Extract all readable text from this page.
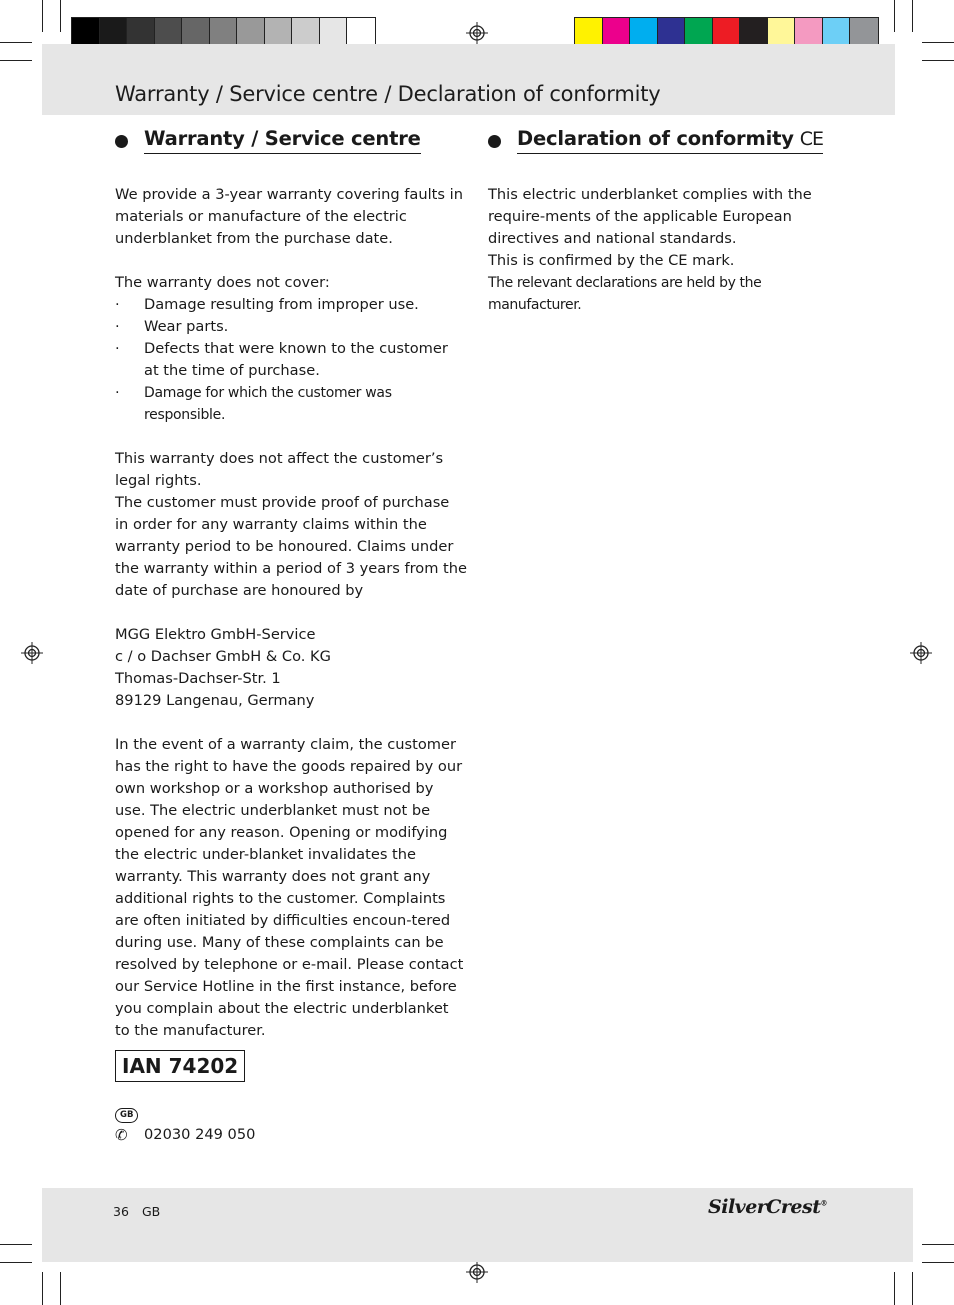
Warranty / Service centre / Declaration of conformity
Warranty / Service centre

We provide a 3-year warranty covering faults in materials or manufacture of the electric underblanket from the purchase date.

The warranty does not cover:

·	Damage resulting from improper use.
·	Wear parts.
·	Defects that were known to the customer at the time of purchase.
·	Damage for which the customer was responsible.

This warranty does not affect the customer’s legal rights.

The customer must provide proof of purchase in order for any warranty claims within the warranty period to be honoured. Claims under the warranty within a period of 3 years from the date of purchase are honoured by

MGG Elektro GmbH-Service

c / o Dachser GmbH & Co. KG

Thomas-Dachser-Str. 1

89129 Langenau, Germany

In the event of a warranty claim, the customer has the right to have the goods repaired by our own workshop or a workshop authorised by use. The electric underblanket must not be opened for any reason. Opening or modifying the electric under-blanket invalidates the warranty. This warranty does not grant any additional rights to the customer. Complaints are often initiated by difficulties encoun-tered during use. Many of these complaints can be resolved by telephone or e-mail. Please contact our Service Hotline in the first instance, before you complain about the electric underblanket to the manufacturer.

IAN 74202
GB
✆	02030 249 050
Declaration of conformity CE

This electric underblanket complies with the require-ments of the applicable European directives and national standards.

This is confirmed by the CE mark.

The relevant declarations are held by the manufacturer.

36 GB	SilverCrest®
